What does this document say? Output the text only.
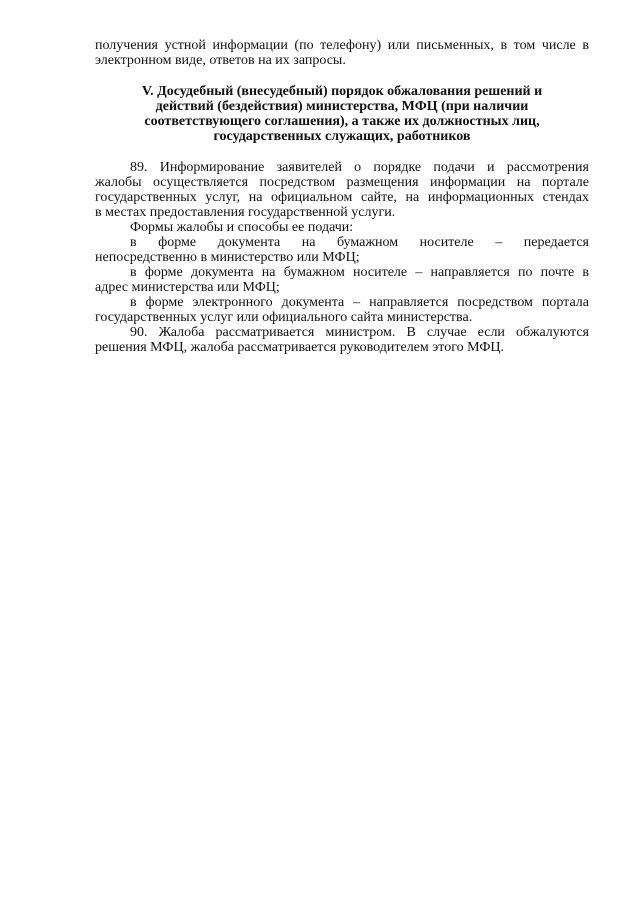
получения устной информации (по телефону) или письменных, в том числе в
электронном виде, ответов на их запросы.
V. Досудебный (внесудебный) порядок обжалования решений и
действий (бездействия) министерства, МФЦ (при наличии
соответствующего соглашения), а также их должностных лиц,
государственных служащих, работников
89. Информирование заявителей о порядке подачи и рассмотрения
жалобы осуществляется посредством размещения информации на портале
государственных услуг, на официальном сайте, на информационных стендах
в местах предоставления государственной услуги.
Формы жалобы и способы ее подачи:
в форме документа на бумажном носителе – передается
непосредственно в министерство или МФЦ;
в форме документа на бумажном носителе – направляется по почте в
адрес министерства или МФЦ;
в форме электронного документа – направляется посредством портала
государственных услуг или официального сайта министерства.
90. Жалоба рассматривается министром. В случае если обжалуются
решения МФЦ, жалоба рассматривается руководителем этого МФЦ.
